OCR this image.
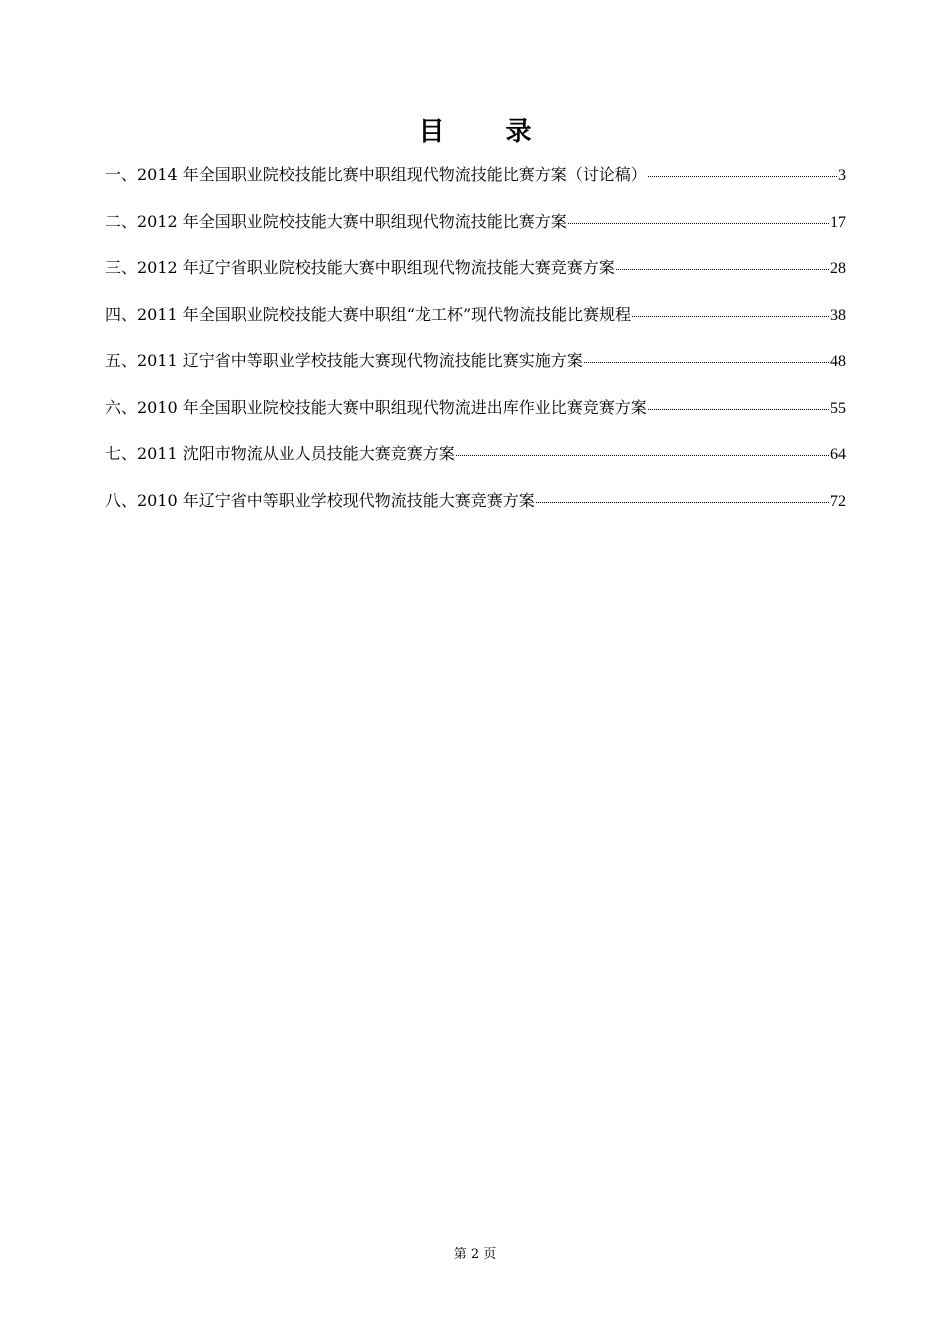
目 录
一、2014 年全国职业院校技能比赛中职组现代物流技能比赛方案（讨论稿）	3
二、2012 年全国职业院校技能大赛中职组现代物流技能比赛方案	17
三、2012 年辽宁省职业院校技能大赛中职组现代物流技能大赛竞赛方案	28
四、2011 年全国职业院校技能大赛中职组“龙工杯”现代物流技能比赛规程	38
五、2011 辽宁省中等职业学校技能大赛现代物流技能比赛实施方案	48
六、2010 年全国职业院校技能大赛中职组现代物流进出库作业比赛竞赛方案	55
七、2011 沈阳市物流从业人员技能大赛竞赛方案	64
八、2010 年辽宁省中等职业学校现代物流技能大赛竞赛方案	72
第 2 页
